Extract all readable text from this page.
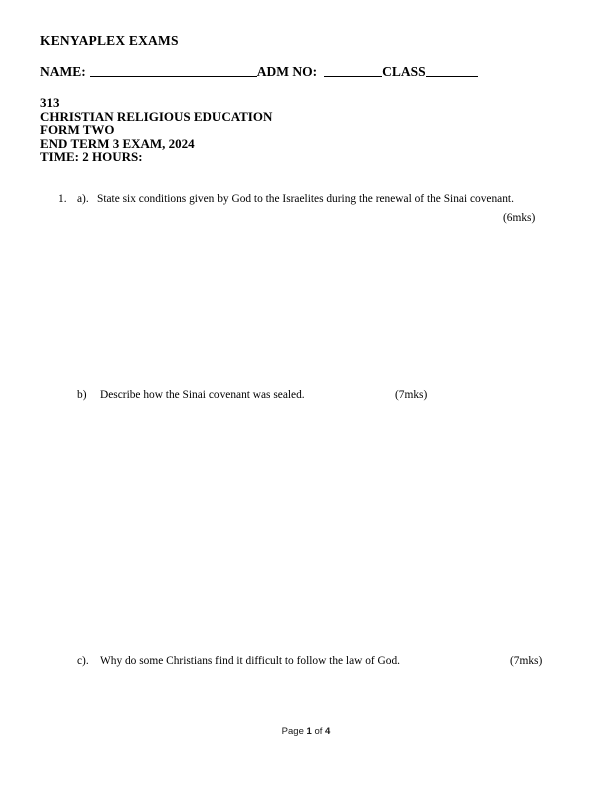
KENYAPLEX EXAMS
NAME:	ADM NO:	CLASS
313
CHRISTIAN RELIGIOUS EDUCATION
FORM TWO
END TERM 3 EXAM, 2024
TIME: 2 HOURS:
1. a). State six conditions given by God to the Israelites during the renewal of the Sinai covenant.
(6mks)
b) Describe how the Sinai covenant was sealed.	(7mks)
c). Why do some Christians find it difficult to follow the law of God.	(7mks)
Page 1 of 4
